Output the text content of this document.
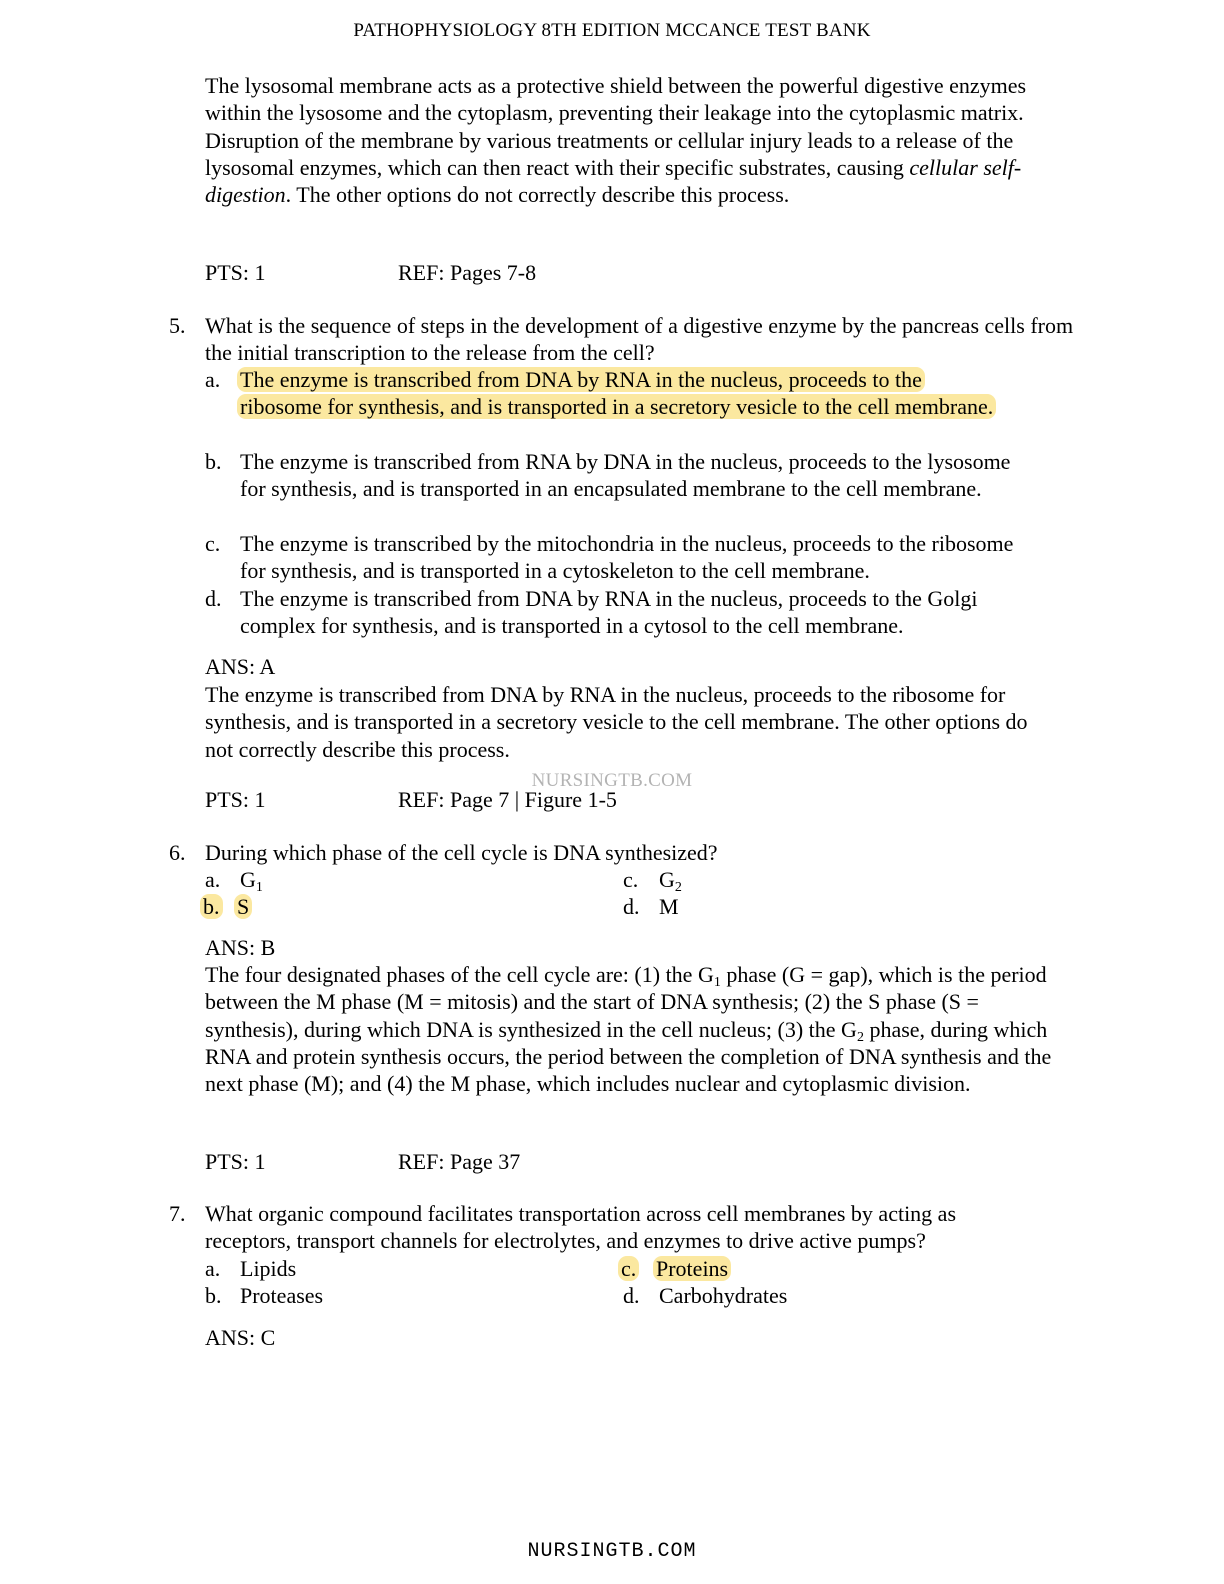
PATHOPHYSIOLOGY 8TH EDITION MCCANCE TEST BANK
The lysosomal membrane acts as a protective shield between the powerful digestive enzymes within the lysosome and the cytoplasm, preventing their leakage into the cytoplasmic matrix. Disruption of the membrane by various treatments or cellular injury leads to a release of the lysosomal enzymes, which can then react with their specific substrates, causing cellular self-digestion. The other options do not correctly describe this process.
PTS: 1	REF: Pages 7-8
5. What is the sequence of steps in the development of a digestive enzyme by the pancreas cells from the initial transcription to the release from the cell?
a. The enzyme is transcribed from DNA by RNA in the nucleus, proceeds to the ribosome for synthesis, and is transported in a secretory vesicle to the cell membrane.
b. The enzyme is transcribed from RNA by DNA in the nucleus, proceeds to the lysosome for synthesis, and is transported in an encapsulated membrane to the cell membrane.
c. The enzyme is transcribed by the mitochondria in the nucleus, proceeds to the ribosome for synthesis, and is transported in a cytoskeleton to the cell membrane.
d. The enzyme is transcribed from DNA by RNA in the nucleus, proceeds to the Golgi complex for synthesis, and is transported in a cytosol to the cell membrane.
ANS: A
The enzyme is transcribed from DNA by RNA in the nucleus, proceeds to the ribosome for synthesis, and is transported in a secretory vesicle to the cell membrane. The other options do not correctly describe this process.
NURSINGTB.COM
PTS: 1	REF: Page 7 | Figure 1-5
6. During which phase of the cell cycle is DNA synthesized?
a. $G_1$
b. S
c. $G_2$
d. M
ANS: B
The four designated phases of the cell cycle are: (1) the $G_1$ phase (G = gap), which is the period between the M phase (M = mitosis) and the start of DNA synthesis; (2) the S phase (S = synthesis), during which DNA is synthesized in the cell nucleus; (3) the $G_2$ phase, during which RNA and protein synthesis occurs, the period between the completion of DNA synthesis and the next phase (M); and (4) the M phase, which includes nuclear and cytoplasmic division.
PTS: 1	REF: Page 37
7. What organic compound facilitates transportation across cell membranes by acting as receptors, transport channels for electrolytes, and enzymes to drive active pumps?
a. Lipids
b. Proteases
c. Proteins
d. Carbohydrates
ANS: C
NURSINGTB.COM
